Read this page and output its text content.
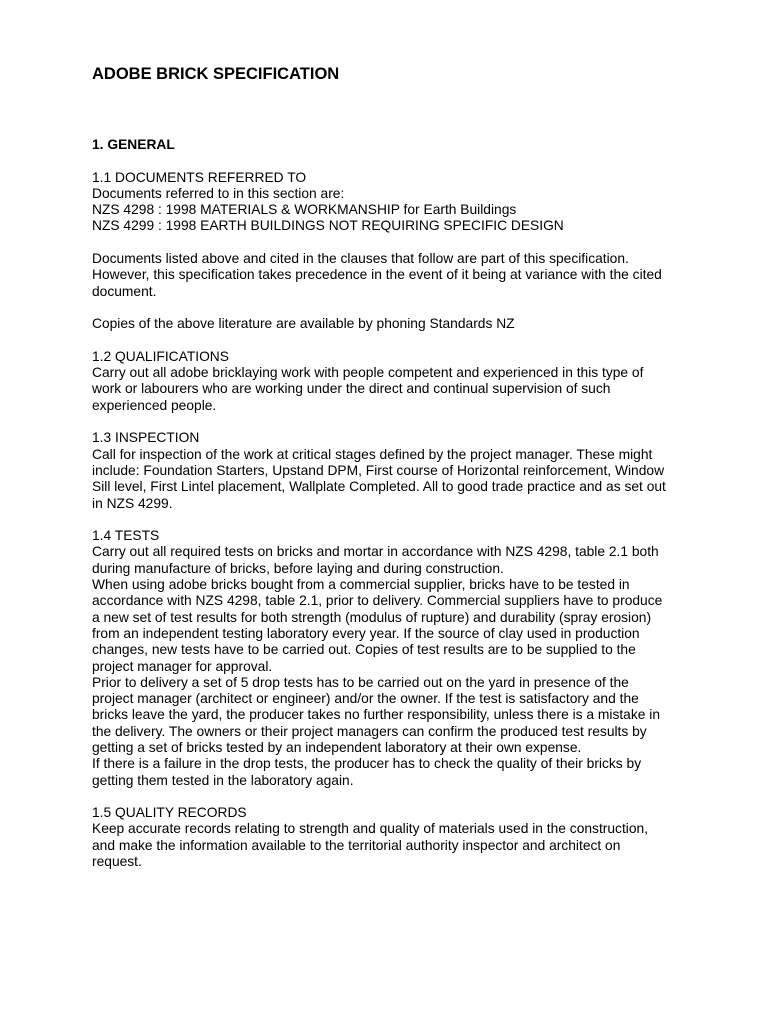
ADOBE BRICK SPECIFICATION
1. GENERAL

1.1 DOCUMENTS REFERRED TO

Documents referred to in this section are:

NZS 4298 : 1998 MATERIALS & WORKMANSHIP for Earth Buildings

NZS 4299 : 1998 EARTH BUILDINGS NOT REQUIRING SPECIFIC DESIGN

Documents listed above and cited in the clauses that follow are part of this specification.

However, this specification takes precedence in the event of it being at variance with the cited

document.

Copies of the above literature are available by phoning Standards NZ

1.2 QUALIFICATIONS

Carry out all adobe bricklaying work with people competent and experienced in this type of

work or labourers who are working under the direct and continual supervision of such

experienced people.

1.3 INSPECTION

Call for inspection of the work at critical stages defined by the project manager. These might

include: Foundation Starters, Upstand DPM, First course of Horizontal reinforcement, Window

Sill level, First Lintel placement, Wallplate Completed. All to good trade practice and as set out

in NZS 4299.

1.4 TESTS

Carry out all required tests on bricks and mortar in accordance with NZS 4298, table 2.1 both

during manufacture of bricks, before laying and during construction.

When using adobe bricks bought from a commercial supplier, bricks have to be tested in

accordance with NZS 4298, table 2.1, prior to delivery. Commercial suppliers have to produce

a new set of test results for both strength (modulus of rupture) and durability (spray erosion)

from an independent testing laboratory every year. If the source of clay used in production

changes, new tests have to be carried out. Copies of test results are to be supplied to the

project manager for approval.

Prior to delivery a set of 5 drop tests has to be carried out on the yard in presence of the

project manager (architect or engineer) and/or the owner. If the test is satisfactory and the

bricks leave the yard, the producer takes no further responsibility, unless there is a mistake in

the delivery. The owners or their project managers can confirm the produced test results by

getting a set of bricks tested by an independent laboratory at their own expense.

If there is a failure in the drop tests, the producer has to check the quality of their bricks by

getting them tested in the laboratory again.

1.5 QUALITY RECORDS

Keep accurate records relating to strength and quality of materials used in the construction,

and make the information available to the territorial authority inspector and architect on

request.
